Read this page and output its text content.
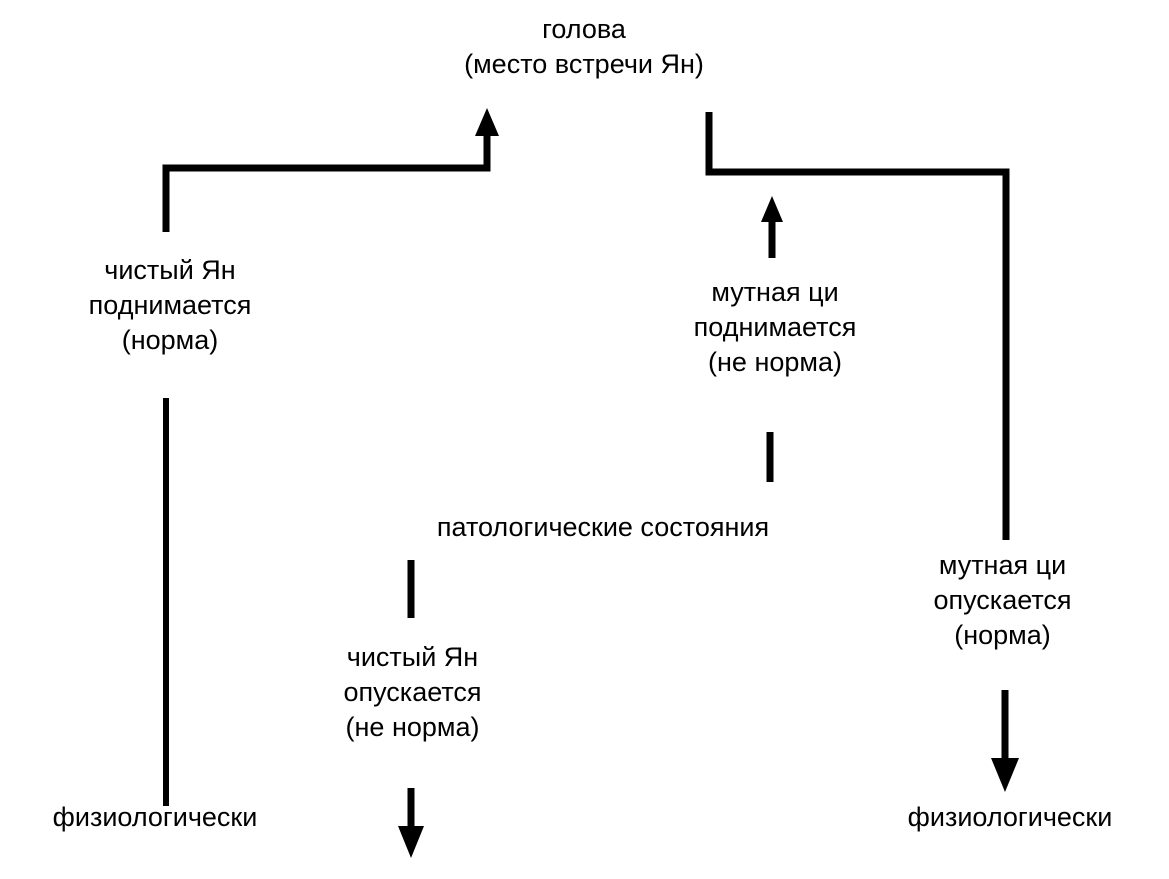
голова
(место встречи Ян)
чистый Ян
поднимается
(норма)
мутная ци
поднимается
(не норма)
патологические состояния
чистый Ян
опускается
(не норма)
мутная ци
опускается
(норма)
физиологически	физиологически
